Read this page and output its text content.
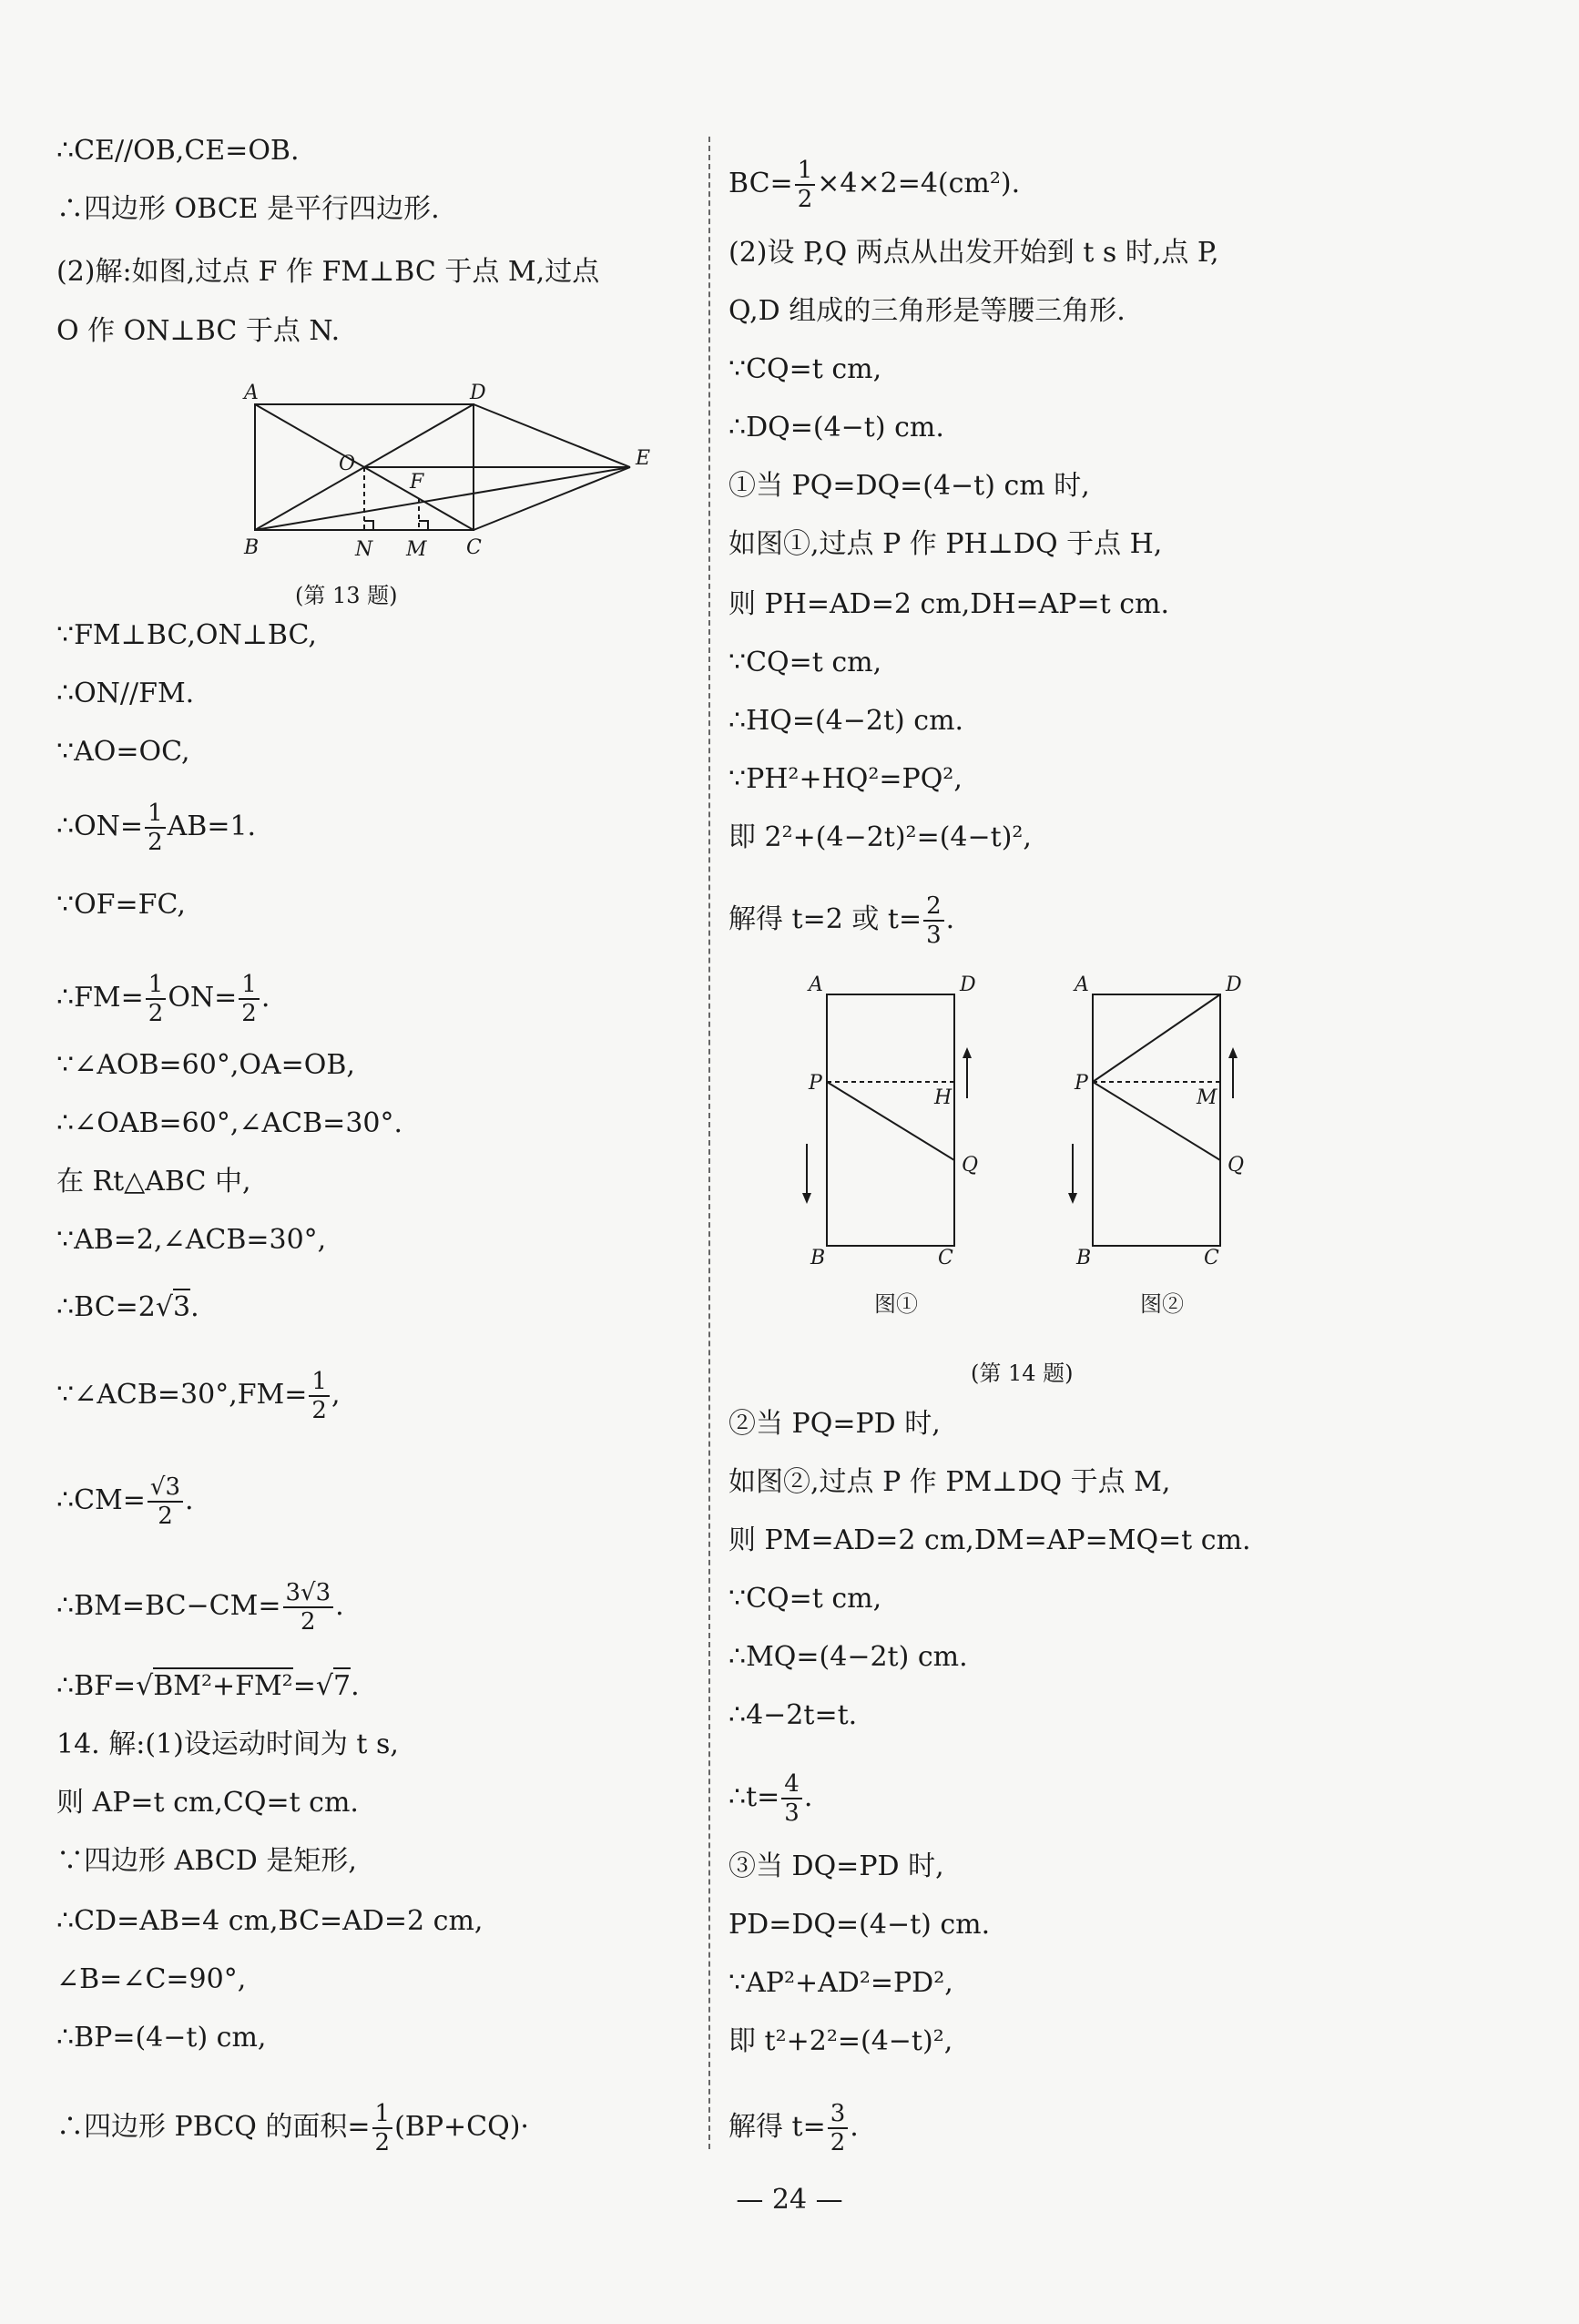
∴CE//OB,CE=OB.
∴四边形 OBCE 是平行四边形.
(2)解:如图,过点 F 作 FM⊥BC 于点 M,过点
O 作 ON⊥BC 于点 N.
A	D
O
F
E
B	N M C
(第 13 题)
∵FM⊥BC,ON⊥BC,
∴ON//FM.
∵AO=OC,
∴ON= $\frac{1}{2} AB=1$.
∵OF=FC,
∴FM= $\frac{1}{2} ON= \frac{1}{2}$ .
∵∠AOB=60°,OA=OB,
∴∠OAB=60°,∠ACB=30°.
在 Rt△ABC 中,
∵AB=2,∠ACB=30°,
∴BC=2√3.
∵∠ACB=30°,FM= $\frac{1}{2}$ ,
∴CM= $\frac{√3}{2}$ .
∴BM=BC−CM= $\frac{3√3}{2}$ .
∴BF=√BM²+FM²=√7.
14. 解:(1)设运动时间为 t s,
则 AP=t cm,CQ=t cm.
∵四边形 ABCD 是矩形,
∴CD=AB=4 cm,BC=AD=2 cm,
∠B=∠C=90°,
∴BP=(4−t) cm,
∴四边形 PBCQ 的面积= $\frac{1}{2} (BP+CQ)\cdot$
$BC= \frac{1}{2} \times 4\times 2=4(cm^2)$.
(2)设 P,Q 两点从出发开始到 t s 时,点 P,
Q,D 组成的三角形是等腰三角形.
∵CQ=t cm,
∴DQ=(4−t) cm.
①当 PQ=DQ=(4−t) cm 时,
如图①,过点 P 作 PH⊥DQ 于点 H,
则 PH=AD=2 cm,DH=AP=t cm.
∵CQ=t cm,
∴HQ=(4−2t) cm.
∵PH²+HQ²=PQ²,
即 2²+(4−2t)²=(4−t)²,
解得 t=2 或 $t= \frac{2}{3}$ .
A	D
P
H
Q
B	C
A	D
P
M
Q
B	C
图①	图②
(第 14 题)
②当 PQ=PD 时,
如图②,过点 P 作 PM⊥DQ 于点 M,
则 PM=AD=2 cm,DM=AP=MQ=t cm.
∵CQ=t cm,
∴MQ=(4−2t) cm.
∴4−2t=t.
∴t= $\frac{4}{3}$ .
③当 DQ=PD 时,
PD=DQ=(4−t) cm.
∵AP²+AD²=PD²,
即 t²+2²=(4−t)²,
解得 $t= \frac{3}{2}$ .
— 24 —
